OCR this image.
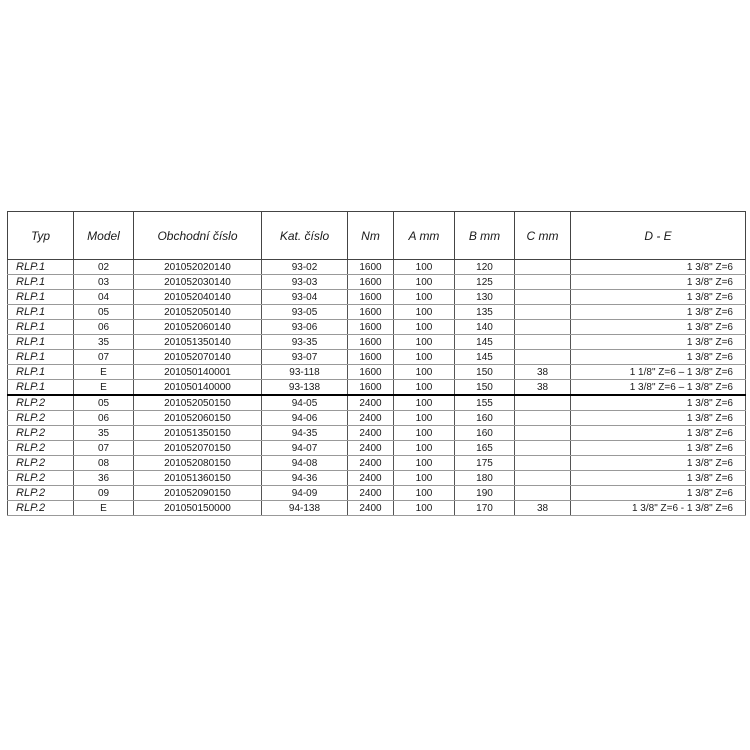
Typ	Model	Obchodní číslo	Kat. číslo	Nm	A mm	B mm	C mm	D - E
RLP.1	02	201052020140	93-02	1600	100	120		1 3/8" Z=6
RLP.1	03	201052030140	93-03	1600	100	125		1 3/8" Z=6
RLP.1	04	201052040140	93-04	1600	100	130		1 3/8" Z=6
RLP.1	05	201052050140	93-05	1600	100	135		1 3/8" Z=6
RLP.1	06	201052060140	93-06	1600	100	140		1 3/8" Z=6
RLP.1	35	201051350140	93-35	1600	100	145		1 3/8" Z=6
RLP.1	07	201052070140	93-07	1600	100	145		1 3/8" Z=6
RLP.1	E	201050140001	93-118	1600	100	150	38	1 1/8" Z=6 – 1 3/8" Z=6
RLP.1	E	201050140000	93-138	1600	100	150	38	1 3/8" Z=6 – 1 3/8" Z=6
RLP.2	05	201052050150	94-05	2400	100	155		1 3/8" Z=6
RLP.2	06	201052060150	94-06	2400	100	160		1 3/8" Z=6
RLP.2	35	201051350150	94-35	2400	100	160		1 3/8" Z=6
RLP.2	07	201052070150	94-07	2400	100	165		1 3/8" Z=6
RLP.2	08	201052080150	94-08	2400	100	175		1 3/8" Z=6
RLP.2	36	201051360150	94-36	2400	100	180		1 3/8" Z=6
RLP.2	09	201052090150	94-09	2400	100	190		1 3/8" Z=6
RLP.2	E	201050150000	94-138	2400	100	170	38	1 3/8" Z=6 - 1 3/8" Z=6
